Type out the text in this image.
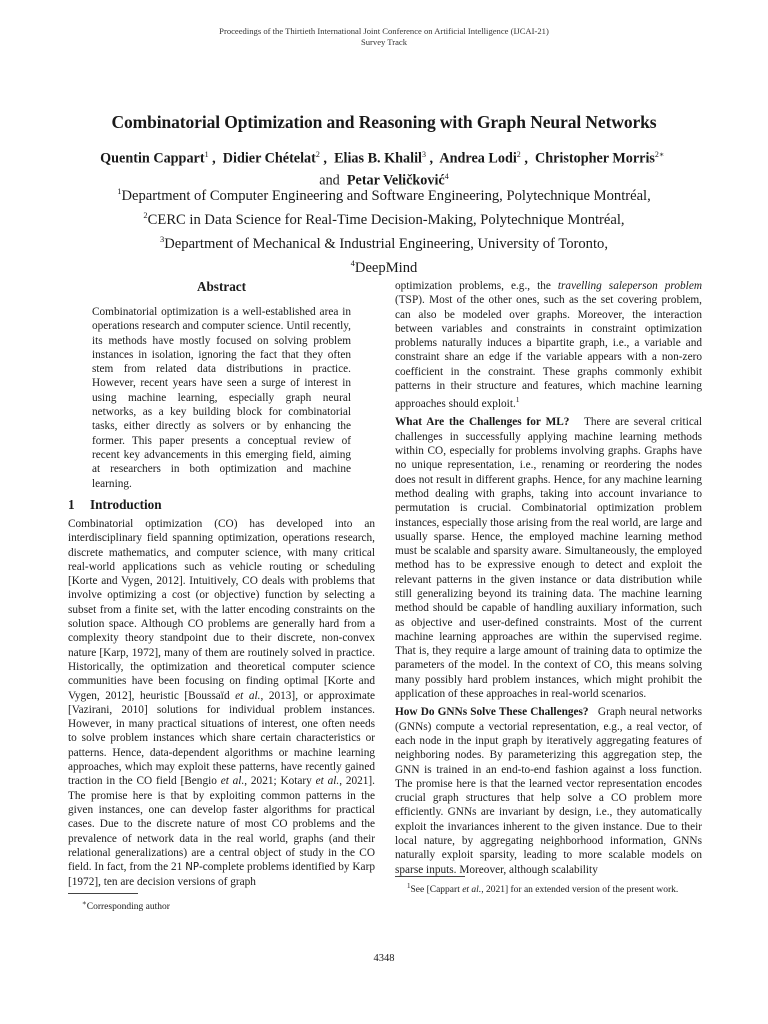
Proceedings of the Thirtieth International Joint Conference on Artificial Intelligence (IJCAI-21)
Survey Track
Combinatorial Optimization and Reasoning with Graph Neural Networks
Quentin Cappart$^1$ ,  Didier Chételat$^2$ ,  Elias B. Khalil$^3$ ,  Andrea Lodi$^2$ ,  Christopher Morris$^{2∗}$  and Petar Veličković$^4$
$^1$Department of Computer Engineering and Software Engineering, Polytechnique Montréal,
$^2$CERC in Data Science for Real-Time Decision-Making, Polytechnique Montréal,
$^3$Department of Mechanical & Industrial Engineering, University of Toronto,
$^4$DeepMind
Abstract
Combinatorial optimization is a well-established area in operations research and computer science. Until recently, its methods have mostly focused on solving problem instances in isolation, ignoring the fact that they often stem from related data distributions in practice. However, recent years have seen a surge of interest in using machine learning, especially graph neural networks, as a key building block for combinatorial tasks, either directly as solvers or by enhancing the former. This paper presents a conceptual review of recent key advancements in this emerging field, aiming at researchers in both optimization and machine learning.
1 Introduction

Combinatorial optimization (CO) has developed into an interdisciplinary field spanning optimization, operations research, discrete mathematics, and computer science, with many critical real-world applications such as vehicle routing or scheduling [Korte and Vygen, 2012]. Intuitively, CO deals with problems that involve optimizing a cost (or objective) function by selecting a subset from a finite set, with the latter encoding constraints on the solution space. Although CO problems are generally hard from a complexity theory standpoint due to their discrete, non-convex nature [Karp, 1972], many of them are routinely solved in practice. Historically, the optimization and theoretical computer science communities have been focusing on finding optimal [Korte and Vygen, 2012], heuristic [Boussaïd et al., 2013], or approximate [Vazirani, 2010] solutions for individual problem instances. However, in many practical situations of interest, one often needs to solve problem instances which share certain characteristics or patterns. Hence, data-dependent algorithms or machine learning approaches, which may exploit these patterns, have recently gained traction in the CO field [Bengio et al., 2021; Kotary et al., 2021]. The promise here is that by exploiting common patterns in the given instances, one can develop faster algorithms for practical cases. Due to the discrete nature of most CO problems and the prevalence of network data in the real world, graphs (and their relational generalizations) are a central object of study in the CO field. In fact, from the 21 NP-complete problems identified by Karp [1972], ten are decision versions of graph

∗Corresponding author

optimization problems, e.g., the travelling saleperson problem (TSP). Most of the other ones, such as the set covering problem, can also be modeled over graphs. Moreover, the interaction between variables and constraints in constraint optimization problems naturally induces a bipartite graph, i.e., a variable and constraint share an edge if the variable appears with a non-zero coefficient in the constraint. These graphs commonly exhibit patterns in their structure and features, which machine learning approaches should exploit.$^1$

What Are the Challenges for ML? There are several critical challenges in successfully applying machine learning methods within CO, especially for problems involving graphs. Graphs have no unique representation, i.e., renaming or reordering the nodes does not result in different graphs. Hence, for any machine learning method dealing with graphs, taking into account invariance to permutation is crucial. Combinatorial optimization problem instances, especially those arising from the real world, are large and usually sparse. Hence, the employed machine learning method must be scalable and sparsity aware. Simultaneously, the employed method has to be expressive enough to detect and exploit the relevant patterns in the given instance or data distribution while still generalizing beyond its training data. The machine learning method should be capable of handling auxiliary information, such as objective and user-defined constraints. Most of the current machine learning approaches are within the supervised regime. That is, they require a large amount of training data to optimize the parameters of the model. In the context of CO, this means solving many possibly hard problem instances, which might prohibit the application of these approaches in real-world scenarios.

How Do GNNs Solve These Challenges? Graph neural networks (GNNs) compute a vectorial representation, e.g., a real vector, of each node in the input graph by iteratively aggregating features of neighboring nodes. By parameterizing this aggregation step, the GNN is trained in an end-to-end fashion against a loss function. The promise here is that the learned vector representation encodes crucial graph structures that help solve a CO problem more efficiently. GNNs are invariant by design, i.e., they automatically exploit the invariances inherent to the given instance. Due to their local nature, by aggregating neighborhood information, GNNs naturally exploit sparsity, leading to more scalable models on sparse inputs. Moreover, although scalability

$^1$See [Cappart et al., 2021] for an extended version of the present work.
4348
